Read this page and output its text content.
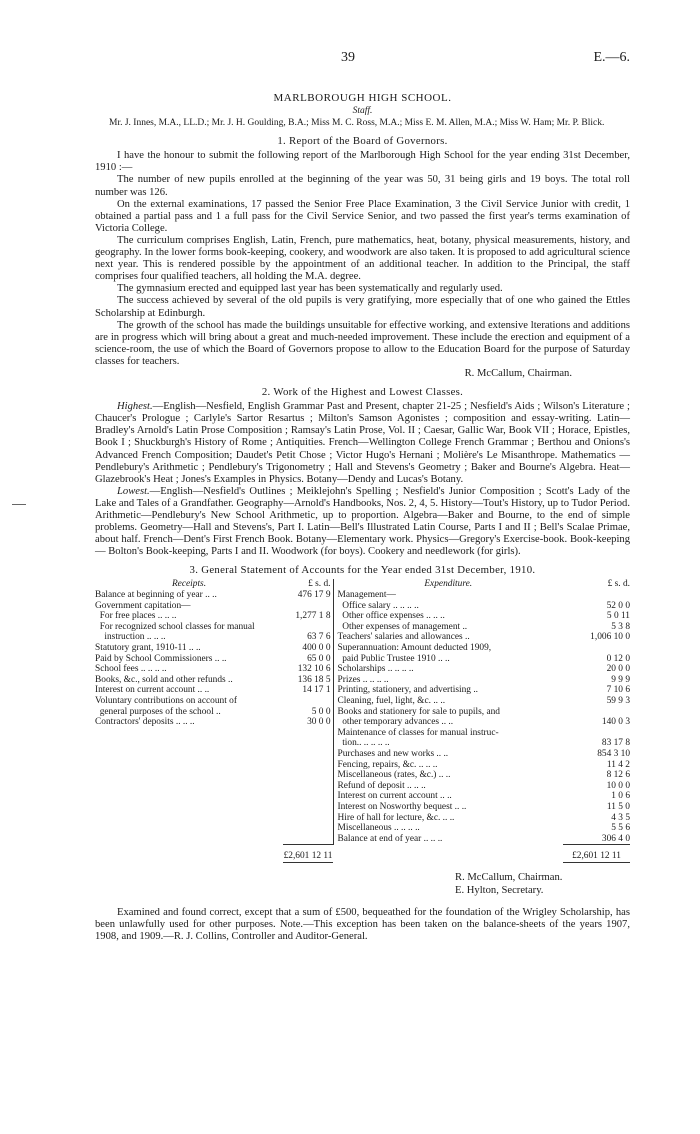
39	E.—6.
MARLBOROUGH HIGH SCHOOL.
Staff.
Mr. J. Innes, M.A., LL.D.; Mr. J. H. Goulding, B.A.; Miss M. C. Ross, M.A.; Miss E. M. Allen, M.A.; Miss W. Ham; Mr. P. Blick.
1. Report of the Board of Governors.

I have the honour to submit the following report of the Marlborough High School for the year ending 31st December, 1910 :—

The number of new pupils enrolled at the beginning of the year was 50, 31 being girls and 19 boys. The total roll number was 126.

On the external examinations, 17 passed the Senior Free Place Examination, 3 the Civil Service Junior with credit, 1 obtained a partial pass and 1 a full pass for the Civil Service Senior, and two passed the first year's terms examination of Victoria College.

The curriculum comprises English, Latin, French, pure mathematics, heat, botany, physical measurements, history, and geography. In the lower forms book-keeping, cookery, and woodwork are also taken. It is proposed to add agricultural science next year. This is rendered possible by the appointment of an additional teacher. In addition to the Principal, the staff comprises four qualified teachers, all holding the M.A. degree.

The gymnasium erected and equipped last year has been systematically and regularly used.

The success achieved by several of the old pupils is very gratifying, more especially that of one who gained the Ettles Scholarship at Edinburgh.

The growth of the school has made the buildings unsuitable for effective working, and extensive lterations and additions are in progress which will bring about a great and much-needed improvement. These include the erection and equipment of a science-room, the use of which the Board of Governors propose to allow to the Education Board for the purpose of Saturday classes for teachers.

R. McCallum, Chairman.

2. Work of the Highest and Lowest Classes.

Highest.—English—Nesfield, English Grammar Past and Present, chapter 21-25 ; Nesfield's Aids ; Wilson's Literature ; Chaucer's Prologue ; Carlyle's Sartor Resartus ; Milton's Samson Agonistes ; composition and essay-writing. Latin—Bradley's Arnold's Latin Prose Composition ; Ramsay's Latin Prose, Vol. II ; Caesar, Gallic War, Book VII ; Horace, Epistles, Book I ; Shuckburgh's History of Rome ; Antiquities. French—Wellington College French Grammar ; Berthou and Onions's Advanced French Composition; Daudet's Petit Chose ; Victor Hugo's Hernani ; Molière's Le Misanthrope. Mathematics — Pendlebury's Arithmetic ; Pendlebury's Trigonometry ; Hall and Stevens's Geometry ; Baker and Bourne's Algebra. Heat—Glazebrook's Heat ; Jones's Examples in Physics. Botany—Dendy and Lucas's Botany.

Lowest.—English—Nesfield's Outlines ; Meiklejohn's Spelling ; Nesfield's Junior Composition ; Scott's Lady of the Lake and Tales of a Grandfather. Geography—Arnold's Handbooks, Nos. 2, 4, 5. History—Tout's History, up to Tudor Period. Arithmetic—Pendlebury's New School Arithmetic, up to proportion. Algebra—Baker and Bourne, to the end of simple problems. Geometry—Hall and Stevens's, Part I. Latin—Bell's Illustrated Latin Course, Parts I and II ; Bell's Scalae Primae, about half. French—Dent's First French Book. Botany—Elementary work. Physics—Gregory's Exercise-book. Book-keeping — Bolton's Book-keeping, Parts I and II. Woodwork (for boys). Cookery and needlework (for girls).

3. General Statement of Accounts for the Year ended 31st December, 1910.
Receipts.	£ s. d.	Expenditure.	£ s. d.
Balance at beginning of year .. ..	476 17 9	Management—	
Government capitation—		Office salary .. .. .. ..	52 0 0
For free places .. .. ..	1,277 1 8	Other office expenses .. .. ..	5 0 11
For recognized school classes for manual		Other expenses of management ..	5 3 8
instruction .. .. ..	63 7 6	Teachers' salaries and allowances ..	1,006 10 0
Statutory grant, 1910-11 .. ..	400 0 0	Superannuation: Amount deducted 1909,	
Paid by School Commissioners .. ..	65 0 0	paid Public Trustee 1910 .. ..	0 12 0
School fees .. .. .. ..	132 10 6	Scholarships .. .. .. ..	20 0 0
Books, &c., sold and other refunds ..	136 18 5	Prizes .. .. .. ..	9 9 9
Interest on current account .. ..	14 17 1	Printing, stationery, and advertising ..	7 10 6
Voluntary contributions on account of		Cleaning, fuel, light, &c. .. ..	59 9 3
general purposes of the school ..	5 0 0	Books and stationery for sale to pupils, and	
Contractors' deposits .. .. ..	30 0 0	other temporary advances .. ..	140 0 3
		Maintenance of classes for manual instruc-	
		tion.. .. .. .. ..	83 17 8
		Purchases and new works .. ..	854 3 10
		Fencing, repairs, &c. .. .. ..	11 4 2
		Miscellaneous (rates, &c.) .. ..	8 12 6
		Refund of deposit .. .. ..	10 0 0
		Interest on current account .. ..	1 0 6
		Interest on Nosworthy bequest .. ..	11 5 0
		Hire of hall for lecture, &c. .. ..	4 3 5
		Miscellaneous .. .. .. ..	5 5 6
		Balance at end of year .. .. ..	306 4 0
	£2,601 12 11		£2,601 12 11
R. McCallum, Chairman.
E. Hylton, Secretary.

Examined and found correct, except that a sum of £500, bequeathed for the foundation of the Wrigley Scholarship, has been unlawfully used for other purposes. Note.—This exception has been taken on the balance-sheets of the years 1907, 1908, and 1909.—R. J. Collins, Controller and Auditor-General.
